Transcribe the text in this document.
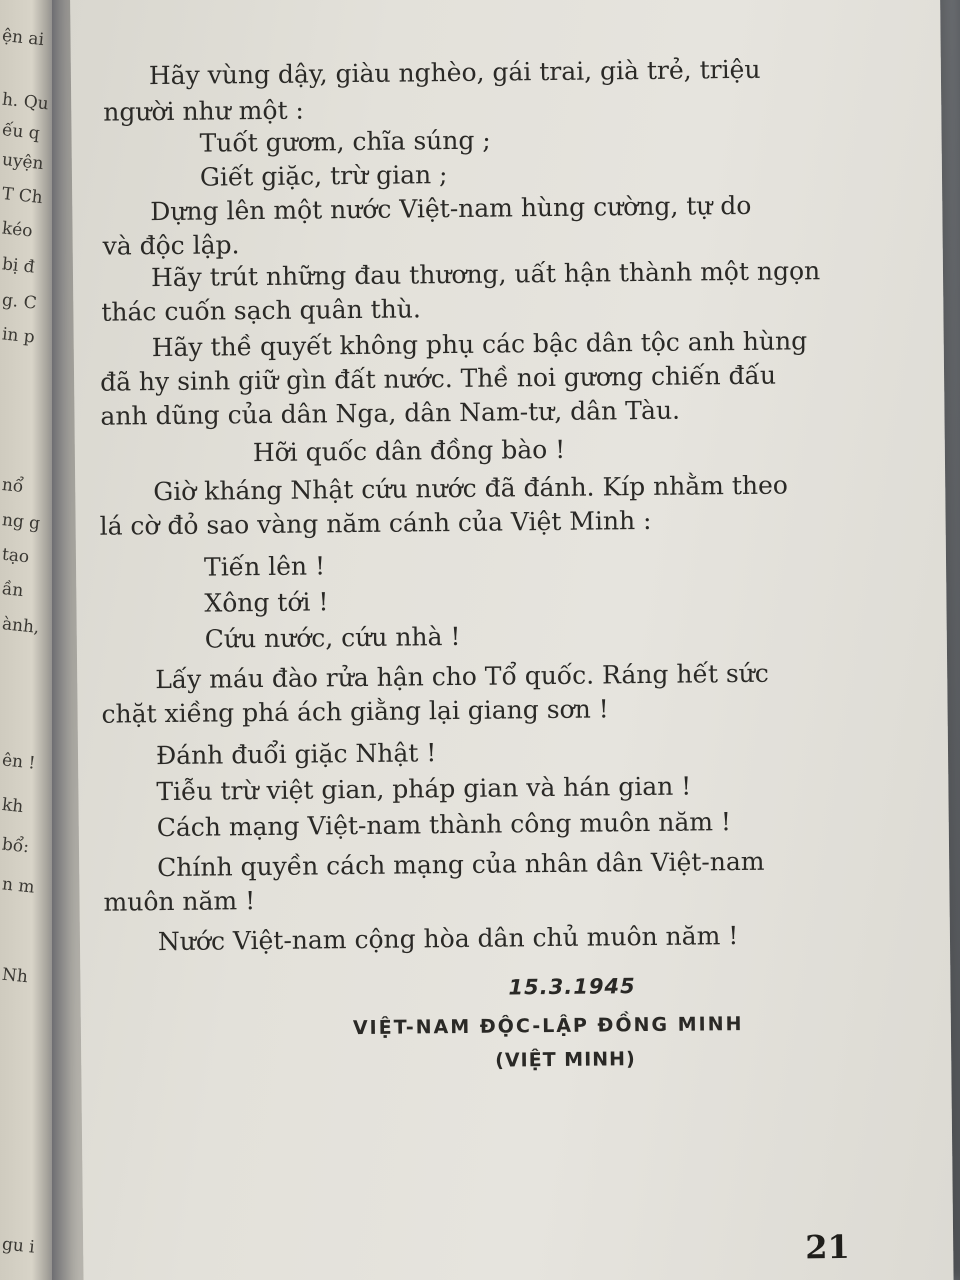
ện ai
h. Qu
ếu q
uyện
T Ch
kéo
bị đ
g. C
in p
nổ
ng g
tạo
ần
ành,
ên !
kh
bổ:
n m
Nh
gu i
Hãy vùng dậy, giàu nghèo, gái trai, già trẻ, triệu
người như một :
Tuốt gươm, chĩa súng ;
Giết giặc, trừ gian ;
Dựng lên một nước Việt-nam hùng cường, tự do
và độc lập.
Hãy trút những đau thương, uất hận thành một ngọn
thác cuốn sạch quân thù.
Hãy thề quyết không phụ các bậc dân tộc anh hùng
đã hy sinh giữ gìn đất nước. Thề noi gương chiến đấu
anh dũng của dân Nga, dân Nam-tư, dân Tàu.
Hỡi quốc dân đồng bào !
Giờ kháng Nhật cứu nước đã đánh. Kíp nhằm theo
lá cờ đỏ sao vàng năm cánh của Việt Minh :
Tiến lên !
Xông tới !
Cứu nước, cứu nhà !
Lấy máu đào rửa hận cho Tổ quốc. Ráng hết sức
chặt xiềng phá ách giằng lại giang sơn !
Đánh đuổi giặc Nhật !
Tiễu trừ việt gian, pháp gian và hán gian !
Cách mạng Việt-nam thành công muôn năm !
Chính quyền cách mạng của nhân dân Việt-nam
muôn năm !
Nước Việt-nam cộng hòa dân chủ muôn năm !
15.3.1945
VIỆT-NAM ĐỘC-LẬP ĐỒNG MINH
(VIỆT MINH)
21
